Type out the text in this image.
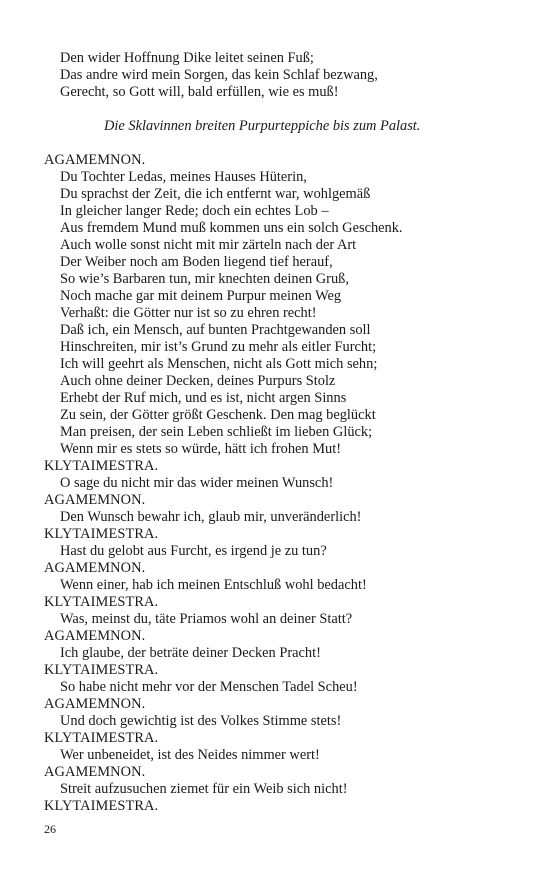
Den wider Hoffnung Dike leitet seinen Fuß;
Das andre wird mein Sorgen, das kein Schlaf bezwang,
Gerecht, so Gott will, bald erfüllen, wie es muß!
Die Sklavinnen breiten Purpurteppiche bis zum Palast.
AGAMEMNON.
Du Tochter Ledas, meines Hauses Hüterin,
Du sprachst der Zeit, die ich entfernt war, wohlgemäß
In gleicher langer Rede; doch ein echtes Lob –
Aus fremdem Mund muß kommen uns ein solch Geschenk.
Auch wolle sonst nicht mit mir zärteln nach der Art
Der Weiber noch am Boden liegend tief herauf,
So wie’s Barbaren tun, mir knechten deinen Gruß,
Noch mache gar mit deinem Purpur meinen Weg
Verhaßt: die Götter nur ist so zu ehren recht!
Daß ich, ein Mensch, auf bunten Prachtgewanden soll
Hinschreiten, mir ist’s Grund zu mehr als eitler Furcht;
Ich will geehrt als Menschen, nicht als Gott mich sehn;
Auch ohne deiner Decken, deines Purpurs Stolz
Erhebt der Ruf mich, und es ist, nicht argen Sinns
Zu sein, der Götter größt Geschenk. Den mag beglückt
Man preisen, der sein Leben schließt im lieben Glück;
Wenn mir es stets so würde, hätt ich frohen Mut!
KLYTAIMESTRA.
O sage du nicht mir das wider meinen Wunsch!
AGAMEMNON.
Den Wunsch bewahr ich, glaub mir, unveränderlich!
KLYTAIMESTRA.
Hast du gelobt aus Furcht, es irgend je zu tun?
AGAMEMNON.
Wenn einer, hab ich meinen Entschluß wohl bedacht!
KLYTAIMESTRA.
Was, meinst du, täte Priamos wohl an deiner Statt?
AGAMEMNON.
Ich glaube, der beträte deiner Decken Pracht!
KLYTAIMESTRA.
So habe nicht mehr vor der Menschen Tadel Scheu!
AGAMEMNON.
Und doch gewichtig ist des Volkes Stimme stets!
KLYTAIMESTRA.
Wer unbeneidet, ist des Neides nimmer wert!
AGAMEMNON.
Streit aufzusuchen ziemet für ein Weib sich nicht!
KLYTAIMESTRA.
26
